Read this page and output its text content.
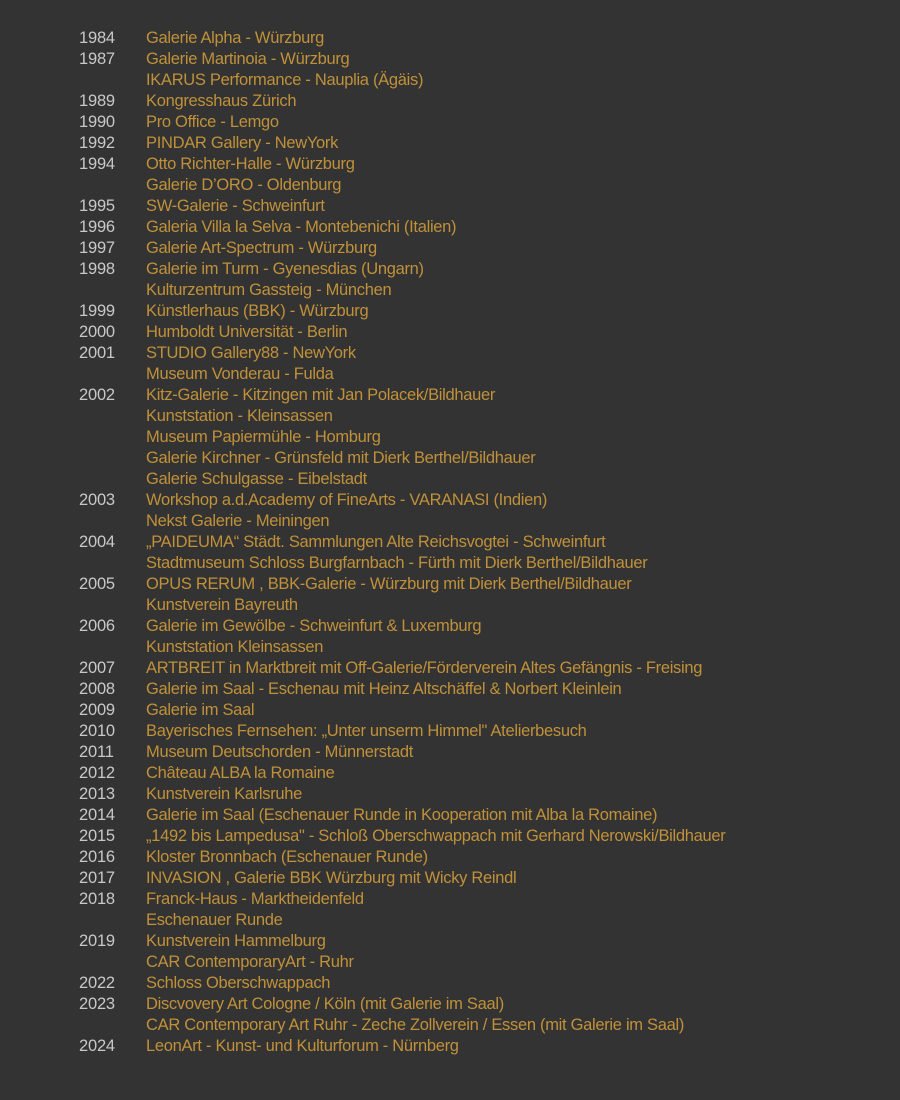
1984	Galerie Alpha - Würzburg
1987	Galerie Martinoia - Würzburg
IKARUS Performance - Nauplia (Ägäis)
1989	Kongresshaus Zürich
1990	Pro Office - Lemgo
1992	PINDAR Gallery - NewYork
1994	Otto Richter-Halle - Würzburg
Galerie D’ORO - Oldenburg
1995	SW-Galerie - Schweinfurt
1996	Galeria Villa la Selva - Montebenichi (Italien)
1997	Galerie Art-Spectrum - Würzburg
1998	Galerie im Turm - Gyenesdias (Ungarn)
Kulturzentrum Gassteig - München
1999	Künstlerhaus (BBK) - Würzburg
2000	Humboldt Universität - Berlin
2001	STUDIO Gallery88 - NewYork
Museum Vonderau - Fulda
2002	Kitz-Galerie - Kitzingen mit Jan Polacek/Bildhauer
Kunststation - Kleinsassen
Museum Papiermühle - Homburg
Galerie Kirchner - Grünsfeld mit Dierk Berthel/Bildhauer
Galerie Schulgasse - Eibelstadt
2003	Workshop a.d.Academy of FineArts - VARANASI (Indien)
Nekst Galerie - Meiningen
2004	„PAIDEUMA“ Städt. Sammlungen Alte Reichsvogtei - Schweinfurt
Stadtmuseum Schloss Burgfarnbach - Fürth mit Dierk Berthel/Bildhauer
2005	OPUS RERUM , BBK-Galerie - Würzburg mit Dierk Berthel/Bildhauer
Kunstverein Bayreuth
2006	Galerie im Gewölbe - Schweinfurt & Luxemburg
Kunststation Kleinsassen
2007	ARTBREIT in Marktbreit mit Off-Galerie/Förderverein Altes Gefängnis - Freising
2008	Galerie im Saal - Eschenau mit Heinz Altschäffel & Norbert Kleinlein
2009	Galerie im Saal
2010	Bayerisches Fernsehen: „Unter unserm Himmel" Atelierbesuch
2011	Museum Deutschorden - Münnerstadt
2012	Château ALBA la Romaine
2013	Kunstverein Karlsruhe
2014	Galerie im Saal (Eschenauer Runde in Kooperation mit Alba la Romaine)
2015	„1492 bis Lampedusa" - Schloß Oberschwappach mit Gerhard Nerowski/Bildhauer
2016	Kloster Bronnbach (Eschenauer Runde)
2017	INVASION , Galerie BBK Würzburg mit Wicky Reindl
2018	Franck-Haus - Marktheidenfeld
Eschenauer Runde
2019	Kunstverein Hammelburg
CAR ContemporaryArt - Ruhr
2022	Schloss Oberschwappach
2023	Discvovery Art Cologne / Köln (mit Galerie im Saal)
CAR Contemporary Art Ruhr - Zeche Zollverein / Essen (mit Galerie im Saal)
2024	LeonArt - Kunst- und Kulturforum - Nürnberg
